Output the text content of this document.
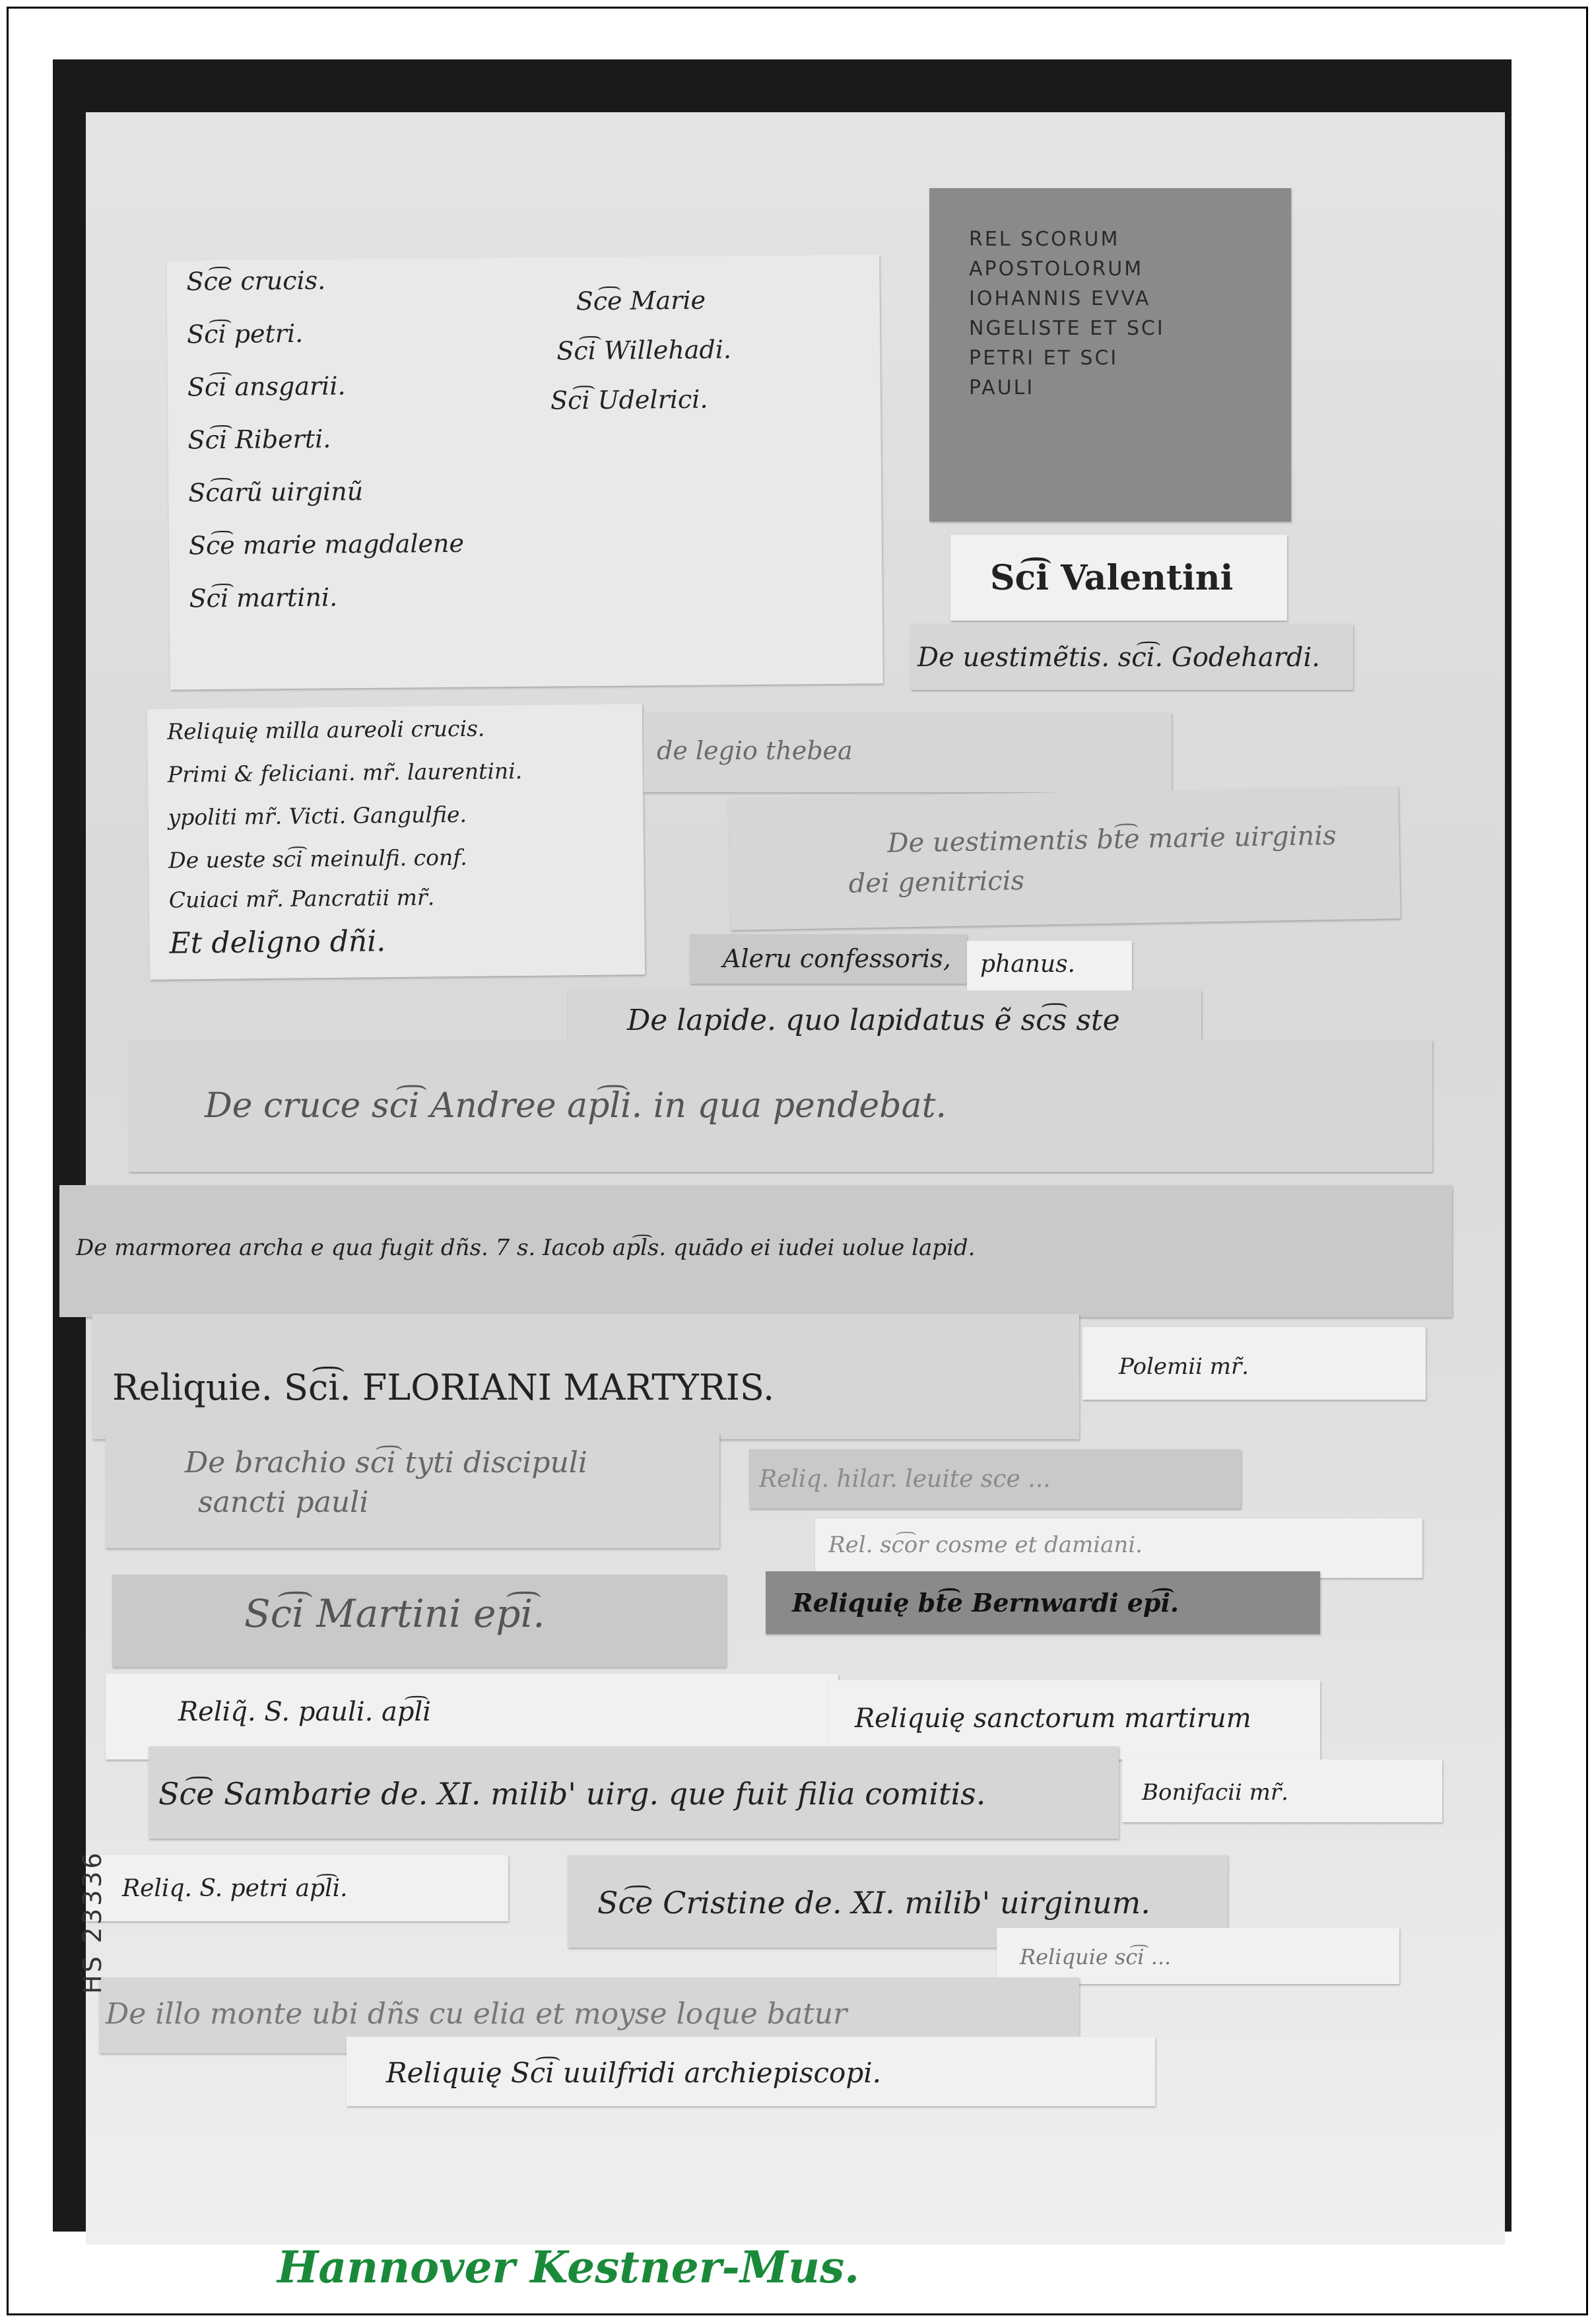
Sc͡e crucis.
Sc͡i petri.
Sc͡i ansgarii.
Sc͡i Riberti.
Sc͡arũ uirginũ
Sc͡e marie magdalene
Sc͡i martini.
Sc͡e Marie
Sc͡i Willehadi.
Sc͡i Udelrici.
REL SCORUM
APOSTOLORUM
IOHANNIS EVVA
NGELISTE ET SCI
PETRI ET SCI
PAULI
Sc͡i Valentini
De uestimẽtis. sc͡i. Godehardi.
Reliquię milla aureoli crucis.
Primi & feliciani. mr̃. laurentini.
ypoliti mr̃. Victi. Gangulfie.
De ueste sc͡i meinulfi. conf.
Cuiaci mr̃. Pancratii mr̃.
Et deligno dñi.
de legio thebea
De uestimentis bt͡e marie uirginis
dei genitricis
Aleru confessoris,	phanus.
De lapide. quo lapidatus ẽ sc͡s ste
De cruce sc͡i Andree ap͡li. in qua pendebat.
De marmorea archa e qua fugit dñs. 7 s. Iacob ap͡ls. quādo ei iudei uolue lapid.
Reliquie. Sc͡i. FLORIANI MARTYRIS.	Polemii mr̃.
De brachio sc͡i tyti discipuli
sancti pauli
Reliq. hilar. leuite sce ...
Rel. sc͡or cosme et damiani.
Sc͡i Martini ep͡i.	Reliquię bt͡e Bernwardi ep͡i.
Reliq̃. S. pauli. ap͡li	Reliquię sanctorum martirum
Sc͡e Sambarie de. XI. milib' uirg. que fuit filia comitis.	Bonifacii mr̃.
Reliq. S. petri ap͡li.	Sc͡e Cristine de. XI. milib' uirginum.
Reliquie sc͡i ...
De illo monte ubi dñs cu elia et moyse loque batur
Reliquię Sc͡i uuilfridi archiepiscopi.
HS 23336
Hannover Kestner-Mus.
